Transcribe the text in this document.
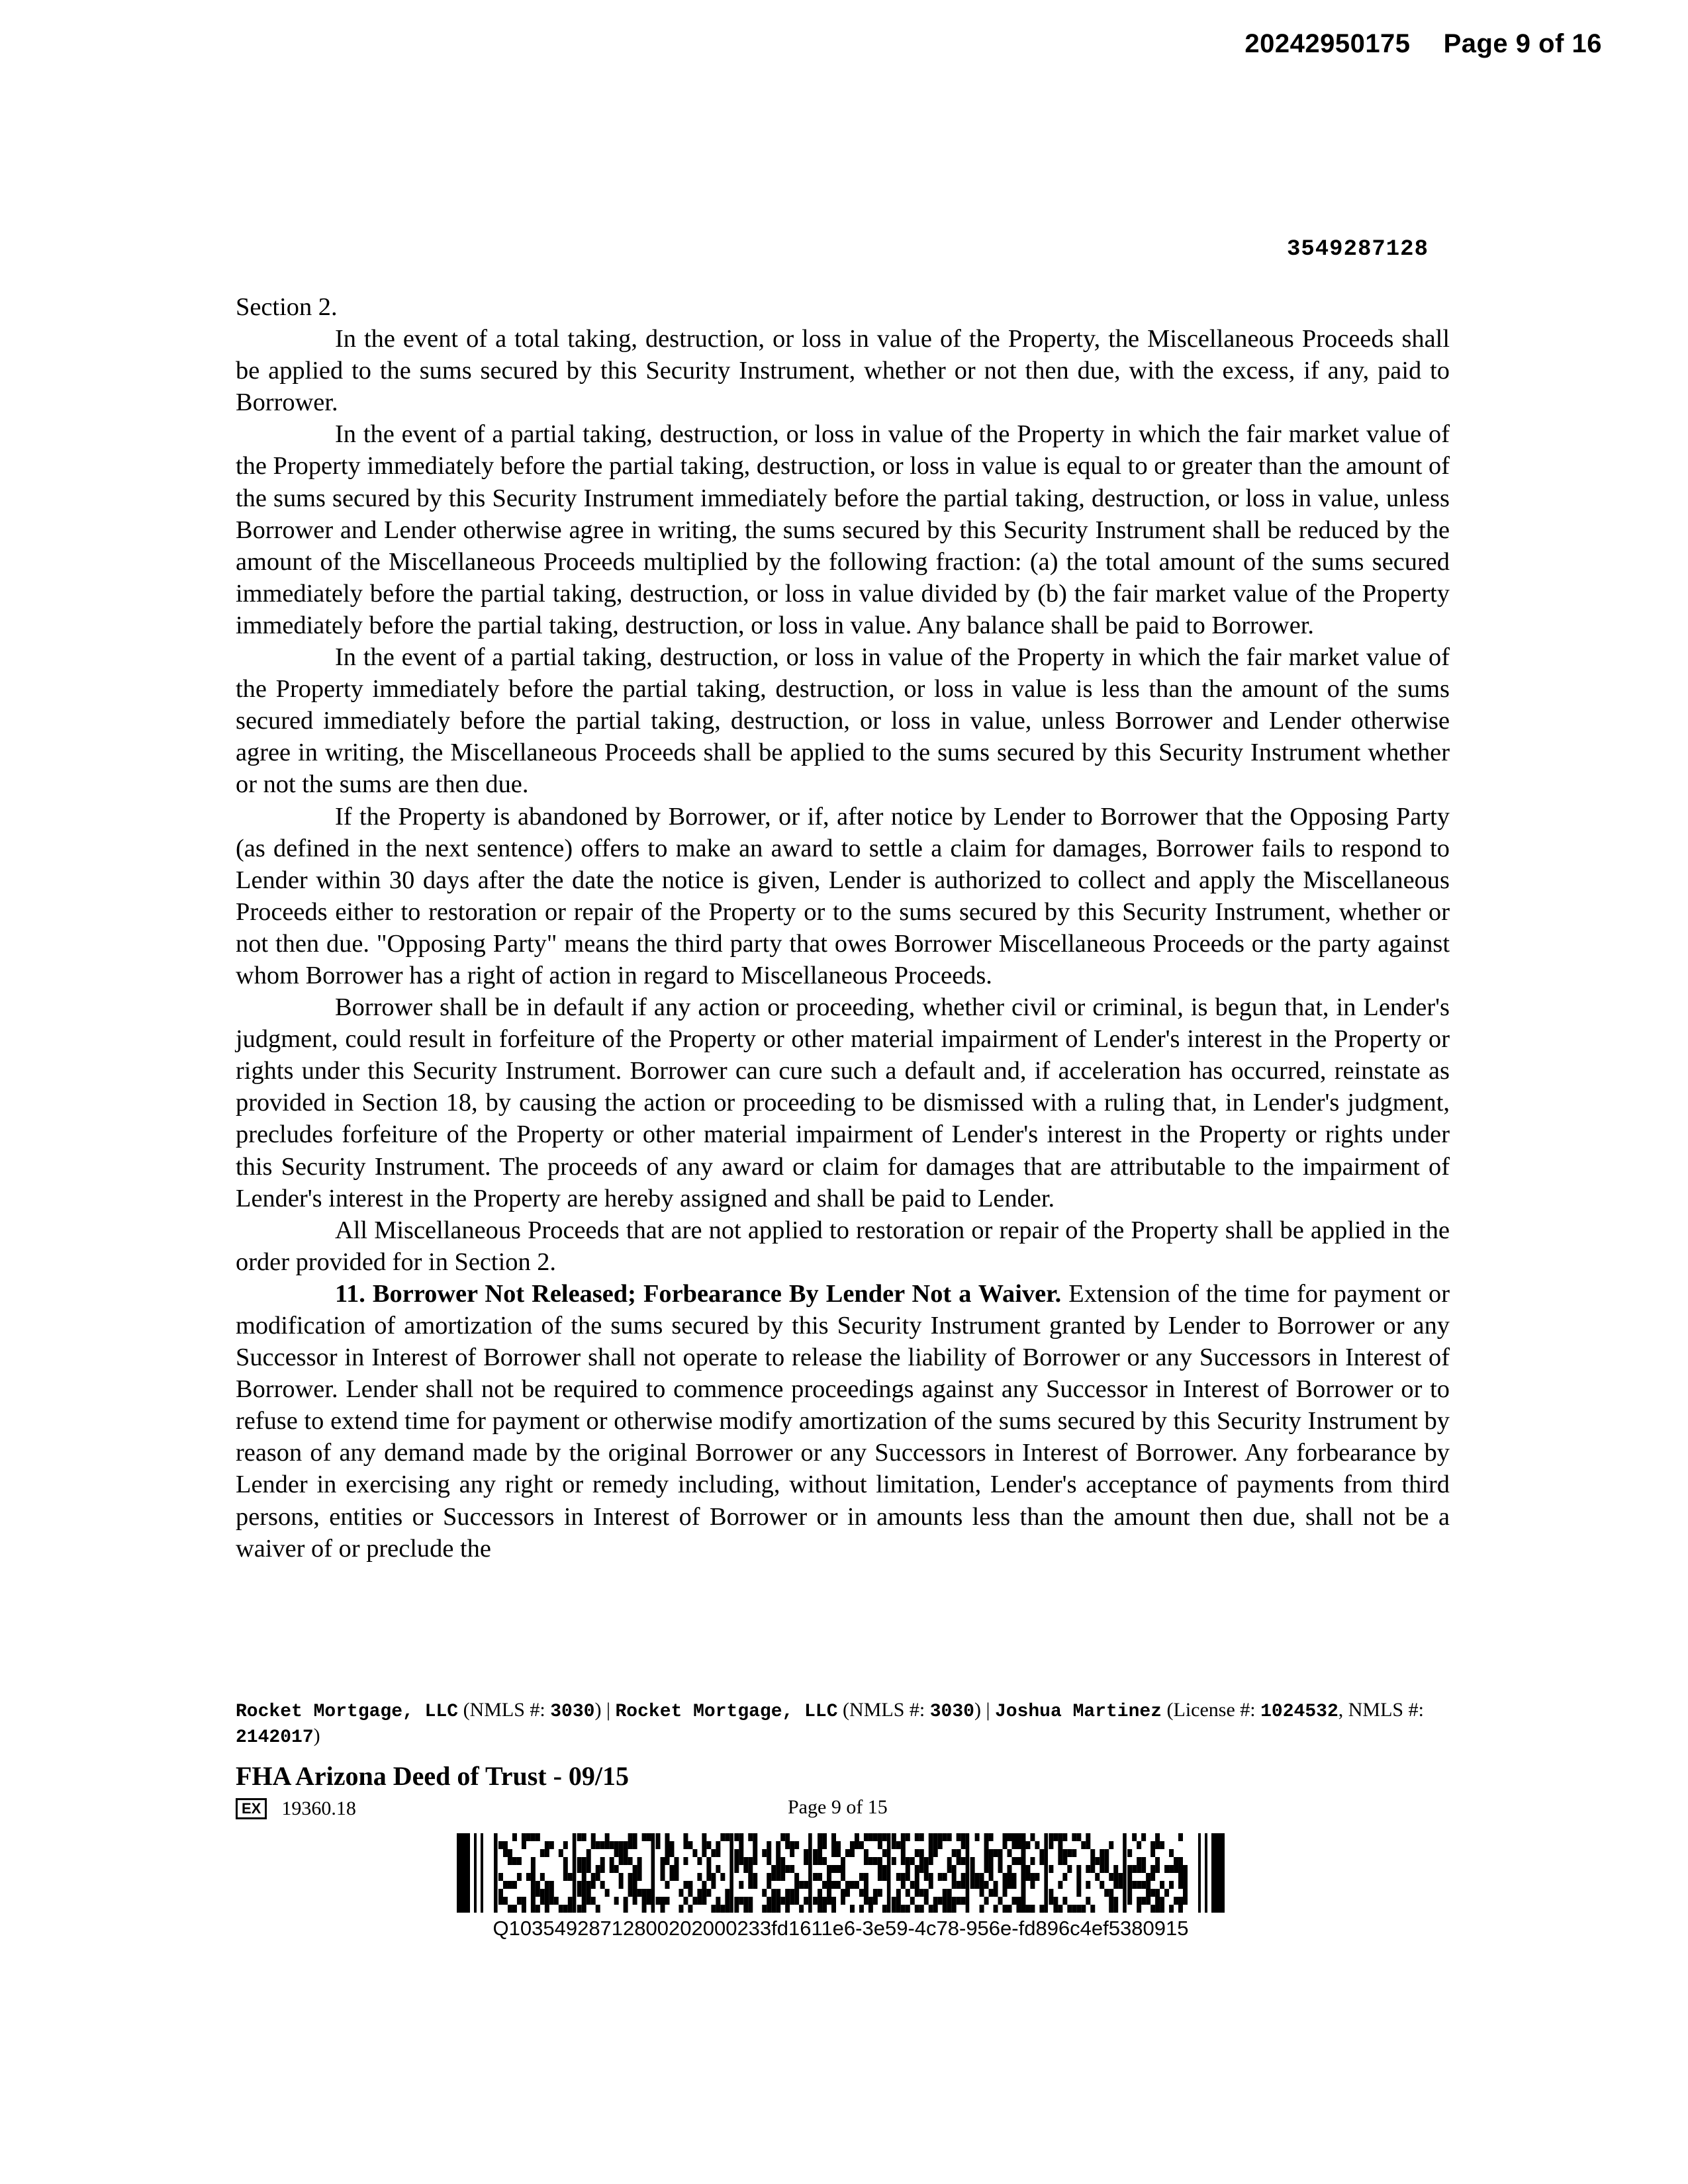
20242950175 Page 9 of 16
3549287128

Section 2.

In the event of a total taking, destruction, or loss in value of the Property, the Miscellaneous Proceeds shall be applied to the sums secured by this Security Instrument, whether or not then due, with the excess, if any, paid to Borrower.

In the event of a partial taking, destruction, or loss in value of the Property in which the fair market value of the Property immediately before the partial taking, destruction, or loss in value is equal to or greater than the amount of the sums secured by this Security Instrument immediately before the partial taking, destruction, or loss in value, unless Borrower and Lender otherwise agree in writing, the sums secured by this Security Instrument shall be reduced by the amount of the Miscellaneous Proceeds multiplied by the following fraction: (a) the total amount of the sums secured immediately before the partial taking, destruction, or loss in value divided by (b) the fair market value of the Property immediately before the partial taking, destruction, or loss in value. Any balance shall be paid to Borrower.

In the event of a partial taking, destruction, or loss in value of the Property in which the fair market value of the Property immediately before the partial taking, destruction, or loss in value is less than the amount of the sums secured immediately before the partial taking, destruction, or loss in value, unless Borrower and Lender otherwise agree in writing, the Miscellaneous Proceeds shall be applied to the sums secured by this Security Instrument whether or not the sums are then due.

If the Property is abandoned by Borrower, or if, after notice by Lender to Borrower that the Opposing Party (as defined in the next sentence) offers to make an award to settle a claim for damages, Borrower fails to respond to Lender within 30 days after the date the notice is given, Lender is authorized to collect and apply the Miscellaneous Proceeds either to restoration or repair of the Property or to the sums secured by this Security Instrument, whether or not then due. "Opposing Party" means the third party that owes Borrower Miscellaneous Proceeds or the party against whom Borrower has a right of action in regard to Miscellaneous Proceeds.

Borrower shall be in default if any action or proceeding, whether civil or criminal, is begun that, in Lender's judgment, could result in forfeiture of the Property or other material impairment of Lender's interest in the Property or rights under this Security Instrument. Borrower can cure such a default and, if acceleration has occurred, reinstate as provided in Section 18, by causing the action or proceeding to be dismissed with a ruling that, in Lender's judgment, precludes forfeiture of the Property or other material impairment of Lender's interest in the Property or rights under this Security Instrument. The proceeds of any award or claim for damages that are attributable to the impairment of Lender's interest in the Property are hereby assigned and shall be paid to Lender.

All Miscellaneous Proceeds that are not applied to restoration or repair of the Property shall be applied in the order provided for in Section 2.

11. Borrower Not Released; Forbearance By Lender Not a Waiver. Extension of the time for payment or modification of amortization of the sums secured by this Security Instrument granted by Lender to Borrower or any Successor in Interest of Borrower shall not operate to release the liability of Borrower or any Successors in Interest of Borrower. Lender shall not be required to commence proceedings against any Successor in Interest of Borrower or to refuse to extend time for payment or otherwise modify amortization of the sums secured by this Security Instrument by reason of any demand made by the original Borrower or any Successors in Interest of Borrower. Any forbearance by Lender in exercising any right or remedy including, without limitation, Lender's acceptance of payments from third persons, entities or Successors in Interest of Borrower or in amounts less than the amount then due, shall not be a waiver of or preclude the

Rocket Mortgage, LLC (NMLS #: 3030) | Rocket Mortgage, LLC (NMLS #: 3030) | Joshua Martinez (License #: 1024532, NMLS #: 2142017)
FHA Arizona Deed of Trust - 09/15
EX 19360.18	Page 9 of 15
Q10354928712800202000233fd1611e6-3e59-4c78-956e-fd896c4ef5380915
